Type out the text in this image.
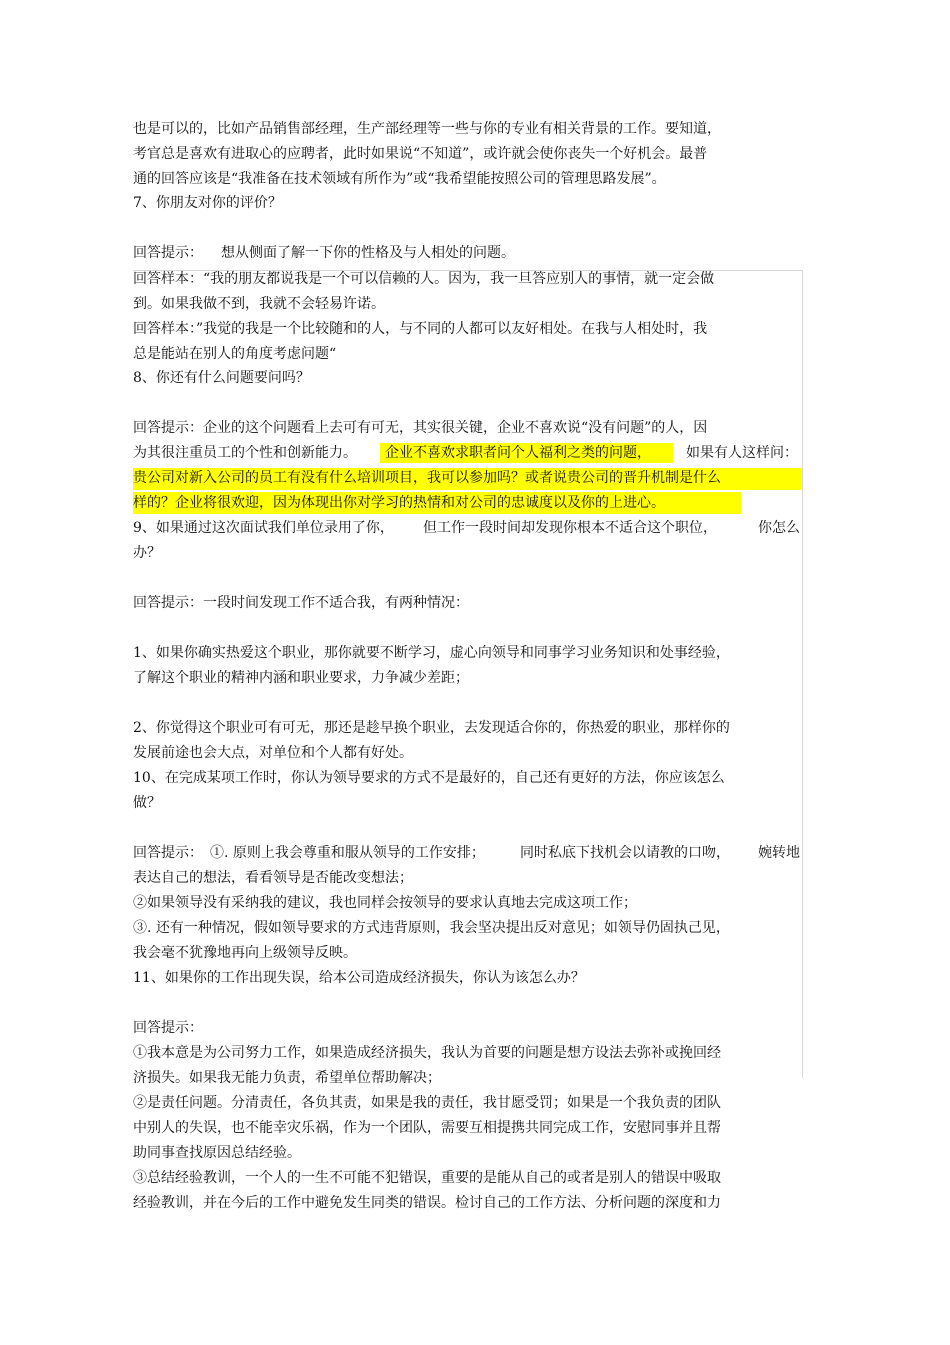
也是可以的，比如产品销售部经理，生产部经理等一些与你的专业有相关背景的工作。要知道，
考官总是喜欢有进取心的应聘者，此时如果说“不知道”，或许就会使你丧失一个好机会。最普
通的回答应该是“我准备在技术领域有所作为”或“我希望能按照公司的管理思路发展”。
7、你朋友对你的评价？
回答提示： 想从侧面了解一下你的性格及与人相处的问题。
回答样本：“我的朋友都说我是一个可以信赖的人。因为，我一旦答应别人的事情，就一定会做
到。如果我做不到，我就不会轻易许诺。
回答样本：”我觉的我是一个比较随和的人，与不同的人都可以友好相处。在我与人相处时，我
总是能站在别人的角度考虑问题“
8、你还有什么问题要问吗？
回答提示：企业的这个问题看上去可有可无，其实很关键，企业不喜欢说“没有问题”的人，因
为其很注重员工的个性和创新能力。 企业不喜欢求职者问个人福利之类的问题，	如果有人这样问：
贵公司对新入公司的员工有没有什么培训项目，我可以参加吗？或者说贵公司的晋升机制是什么
样的？企业将很欢迎，因为体现出你对学习的热情和对公司的忠诚度以及你的上进心。
9、如果通过这次面试我们单位录用了你， 但工作一段时间却发现你根本不适合这个职位，	你怎么
办？
回答提示：一段时间发现工作不适合我，有两种情况：
1、如果你确实热爱这个职业，那你就要不断学习，虚心向领导和同事学习业务知识和处事经验，
了解这个职业的精神内涵和职业要求，力争减少差距；
2、你觉得这个职业可有可无，那还是趁早换个职业，去发现适合你的，你热爱的职业，那样你的
发展前途也会大点，对单位和个人都有好处。
10、在完成某项工作时，你认为领导要求的方式不是最好的，自己还有更好的方法，你应该怎么
做？
回答提示： ①. 原则上我会尊重和服从领导的工作安排；	同时私底下找机会以请教的口吻， 婉转地
表达自己的想法，看看领导是否能改变想法；
②如果领导没有采纳我的建议，我也同样会按领导的要求认真地去完成这项工作；
③. 还有一种情况，假如领导要求的方式违背原则，我会坚决提出反对意见；如领导仍固执己见，
我会毫不犹豫地再向上级领导反映。
11、如果你的工作出现失误，给本公司造成经济损失，你认为该怎么办？
回答提示：
①我本意是为公司努力工作，如果造成经济损失，我认为首要的问题是想方设法去弥补或挽回经
济损失。如果我无能力负责，希望单位帮助解决；
②是责任问题。分清责任，各负其责，如果是我的责任，我甘愿受罚；如果是一个我负责的团队
中别人的失误，也不能幸灾乐祸，作为一个团队，需要互相提携共同完成工作，安慰同事并且帮
助同事查找原因总结经验。
③总结经验教训，一个人的一生不可能不犯错误，重要的是能从自己的或者是别人的错误中吸取
经验教训，并在今后的工作中避免发生同类的错误。检讨自己的工作方法、分析问题的深度和力
